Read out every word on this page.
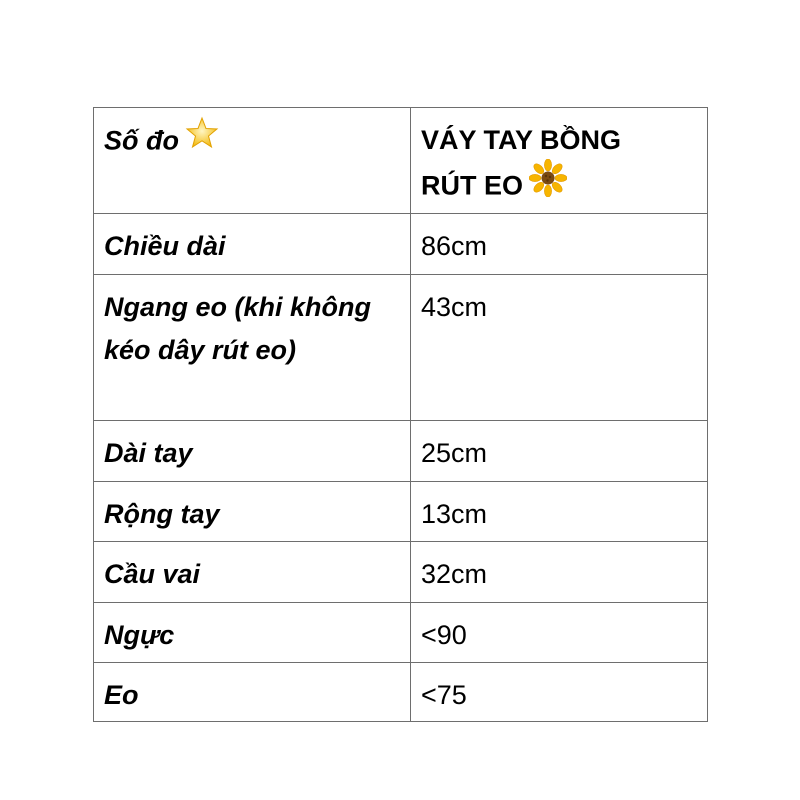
Số đo	VÁY TAY BỒNG
RÚT EO
Chiều dài	86cm
Ngang eo (khi không kéo dây rút eo)	43cm
Dài tay	25cm
Rộng tay	13cm
Cầu vai	32cm
Ngực	<90
Eo	<75
